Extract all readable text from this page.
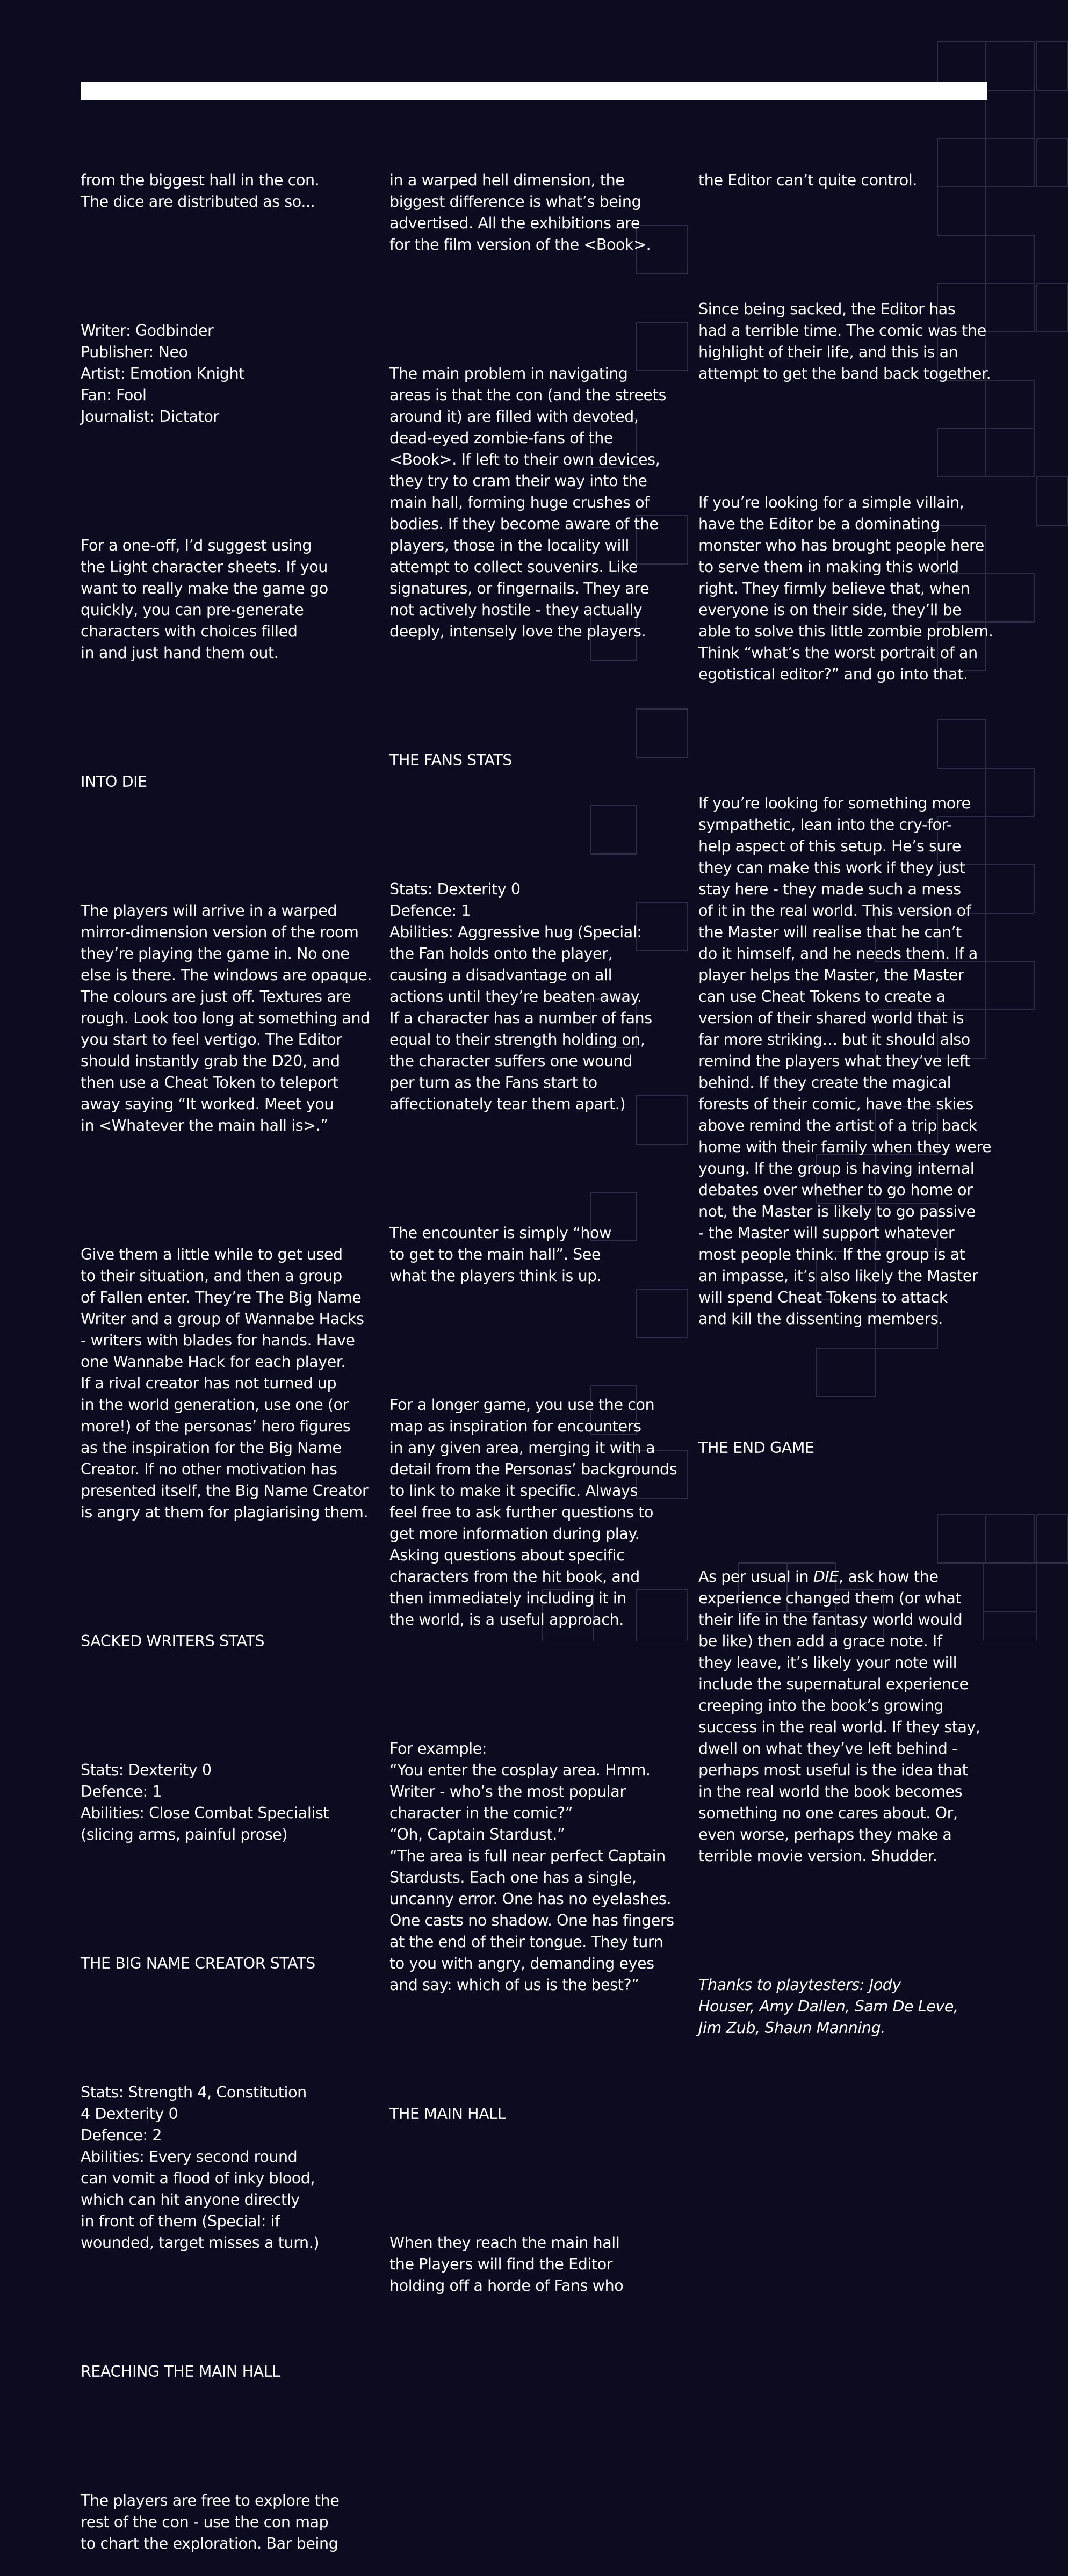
from the biggest hall in the con.
The dice are distributed as so...

Writer: Godbinder
Publisher: Neo
Artist: Emotion Knight
Fan: Fool
Journalist: Dictator

For a one-off, I’d suggest using
the Light character sheets. If you
want to really make the game go
quickly, you can pre-generate
characters with choices filled
in and just hand them out.

INTO DIE

The players will arrive in a warped
mirror-dimension version of the room
they’re playing the game in. No one
else is there. The windows are opaque.
The colours are just off. Textures are
rough. Look too long at something and
you start to feel vertigo. The Editor
should instantly grab the D20, and
then use a Cheat Token to teleport
away saying “It worked. Meet you
in <Whatever the main hall is>.”

Give them a little while to get used
to their situation, and then a group
of Fallen enter. They’re The Big Name
Writer and a group of Wannabe Hacks
- writers with blades for hands. Have
one Wannabe Hack for each player.
If a rival creator has not turned up
in the world generation, use one (or
more!) of the personas’ hero figures
as the inspiration for the Big Name
Creator. If no other motivation has
presented itself, the Big Name Creator
is angry at them for plagiarising them.

SACKED WRITERS STATS

Stats: Dexterity 0
Defence: 1
Abilities: Close Combat Specialist
(slicing arms, painful prose)

THE BIG NAME CREATOR STATS

Stats: Strength 4, Constitution
4 Dexterity 0
Defence: 2
Abilities: Every second round
can vomit a flood of inky blood,
which can hit anyone directly
in front of them (Special: if
wounded, target misses a turn.)

REACHING THE MAIN HALL

The players are free to explore the
rest of the con - use the con map
to chart the exploration. Bar being

in a warped hell dimension, the
biggest difference is what’s being
advertised. All the exhibitions are
for the film version of the <Book>.

The main problem in navigating
areas is that the con (and the streets
around it) are filled with devoted,
dead-eyed zombie-fans of the
<Book>. If left to their own devices,
they try to cram their way into the
main hall, forming huge crushes of
bodies. If they become aware of the
players, those in the locality will
attempt to collect souvenirs. Like
signatures, or fingernails. They are
not actively hostile - they actually
deeply, intensely love the players.

THE FANS STATS

Stats: Dexterity 0
Defence: 1
Abilities: Aggressive hug (Special:
the Fan holds onto the player,
causing a disadvantage on all
actions until they’re beaten away.
If a character has a number of fans
equal to their strength holding on,
the character suffers one wound
per turn as the Fans start to
affectionately tear them apart.)

The encounter is simply “how
to get to the main hall”. See
what the players think is up.

For a longer game, you use the con
map as inspiration for encounters
in any given area, merging it with a
detail from the Personas’ backgrounds
to link to make it specific. Always
feel free to ask further questions to
get more information during play.
Asking questions about specific
characters from the hit book, and
then immediately including it in
the world, is a useful approach.

For example:
“You enter the cosplay area. Hmm.
Writer - who’s the most popular
character in the comic?”
“Oh, Captain Stardust.”
“The area is full near perfect Captain
Stardusts. Each one has a single,
uncanny error. One has no eyelashes.
One casts no shadow. One has fingers
at the end of their tongue. They turn
to you with angry, demanding eyes
and say: which of us is the best?”

THE MAIN HALL

When they reach the main hall
the Players will find the Editor
holding off a horde of Fans who

the Editor can’t quite control.

Since being sacked, the Editor has
had a terrible time. The comic was the
highlight of their life, and this is an
attempt to get the band back together.

If you’re looking for a simple villain,
have the Editor be a dominating
monster who has brought people here
to serve them in making this world
right. They firmly believe that, when
everyone is on their side, they’ll be
able to solve this little zombie problem.
Think “what’s the worst portrait of an
egotistical editor?” and go into that.

If you’re looking for something more
sympathetic, lean into the cry-for-
help aspect of this setup. He’s sure
they can make this work if they just
stay here - they made such a mess
of it in the real world. This version of
the Master will realise that he can’t
do it himself, and he needs them. If a
player helps the Master, the Master
can use Cheat Tokens to create a
version of their shared world that is
far more striking… but it should also
remind the players what they’ve left
behind. If they create the magical
forests of their comic, have the skies
above remind the artist of a trip back
home with their family when they were
young. If the group is having internal
debates over whether to go home or
not, the Master is likely to go passive
- the Master will support whatever
most people think. If the group is at
an impasse, it’s also likely the Master
will spend Cheat Tokens to attack
and kill the dissenting members.

THE END GAME

As per usual in DIE, ask how the
experience changed them (or what
their life in the fantasy world would
be like) then add a grace note. If
they leave, it’s likely your note will
include the supernatural experience
creeping into the book’s growing
success in the real world. If they stay,
dwell on what they’ve left behind -
perhaps most useful is the idea that
in the real world the book becomes
something no one cares about. Or,
even worse, perhaps they make a
terrible movie version. Shudder.

Thanks to playtesters: Jody
Houser, Amy Dallen, Sam De Leve,
Jim Zub, Shaun Manning.
